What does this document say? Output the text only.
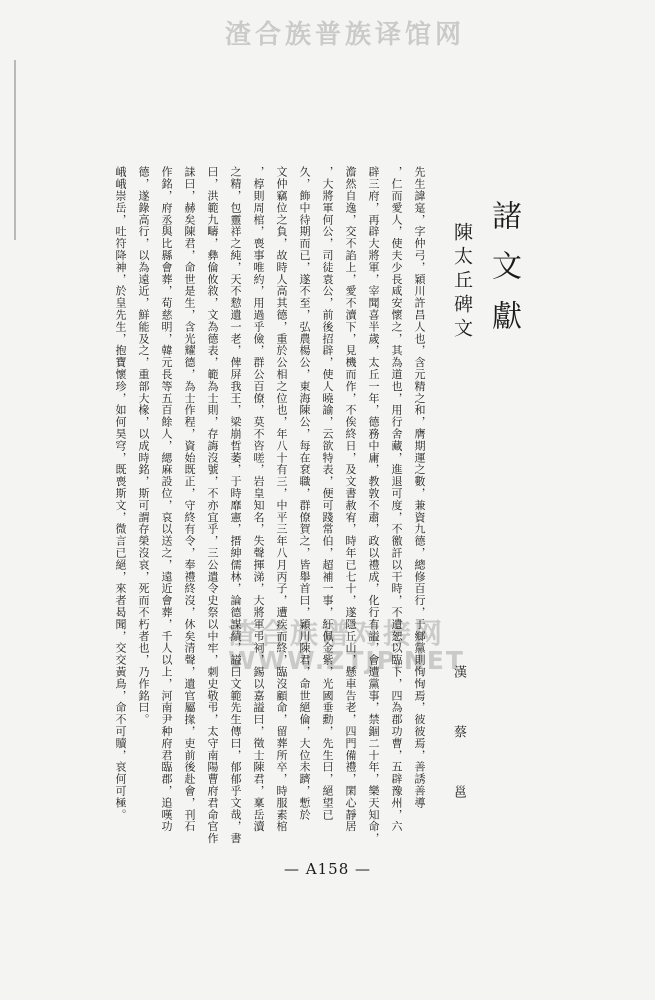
渣合族普族译馆网
渣合族谱对接网
WWW.ZTJP.NET
諸文獻
陳太丘碑文
漢 蔡 邕
先生諱寔，字仲弓，穎川許昌人也，含元精之和，膺期運之數，兼資九德，總修百行，于鄉黨則恂恂焉，彼彼焉，善誘善導
，仁而愛人，使夫少長咸安懷之，其為道也，用行舍藏，進退可度，不徼訐以干時，不遺恕以臨下，四為郡功曹，五辟豫州，六
辟三府，再辟大將軍，宰聞喜半歲，太丘一年，德務中庸，教敦不肅，政以禮成，化行有謚，會遭黨事，禁錮二十年，樂天知命，
澹然自逸，交不諂上，愛不瀆下，見機而作，不俟終日，及文書赦宥，時年已七十，遂隱丘山，懸車告老，四門備禮，閑心靜居
，大將軍何公，司徒袁公，前後招辟，使人曉諭，云欲特表，便可踐常伯，超補一事，紆佩金紫，光國垂勳，先生曰，絕望已
久，飾中待期而已，遂不至，弘農楊公，東海陳公，每在袞職，群僚賀之，皆舉首曰，穎川陳君，命世絕倫，大位未躋，慙於
文仲竊位之負，故時人高其德，重於公相之位也，年八十有三，中平三年八月丙子，遭疾而終，臨沒顧命，留葬所卒，時服素棺
，椁則周棺，喪事唯約，用過乎儉，群公百僚，莫不咨嗟，岩皇知名，失聲揮涕，大將軍弔祠，錫以嘉謚曰，徵士陳君，稟岳瀆
之精，包靈祥之純，天不愸遺一老，俾屏我王，梁崩哲萎，于時靡憲，搢紳儒林，論德謀績，謚曰文範先生傳曰，郁郁乎文哉，書
曰，洪範九疇，彝倫攸敘，文為德表，範為士則，存誨沒號，不亦宜乎，三公遣令史祭以中牢，刺史敬弔，太守南陽曹府君命官作
誄曰，赫矣陳君，命世是生，含光耀德，為士作程，資始既正，守終有令，奉禮終沒，休矣清聲，遺官屬掾，吏前後赴會，刊石
作銘，府丞與比縣會葬，荀慈明，韓元長等五百餘人，緦麻設位，哀以送之，遠近會葬，千人以上，河南尹种府君臨郡，追嘆功
德，遂錄高行，以為遠近，鮮能及之，重部大椽，以成時銘，斯可謂存榮沒哀，死而不朽者也，乃作銘曰。
峨峨崇岳，吐符降神，於皇先生，抱寶懷珍，如何昊穹，既喪斯文，微言已絕，來者曷聞，交交黃鳥，命不可贖，哀何可極。
— A158 —
